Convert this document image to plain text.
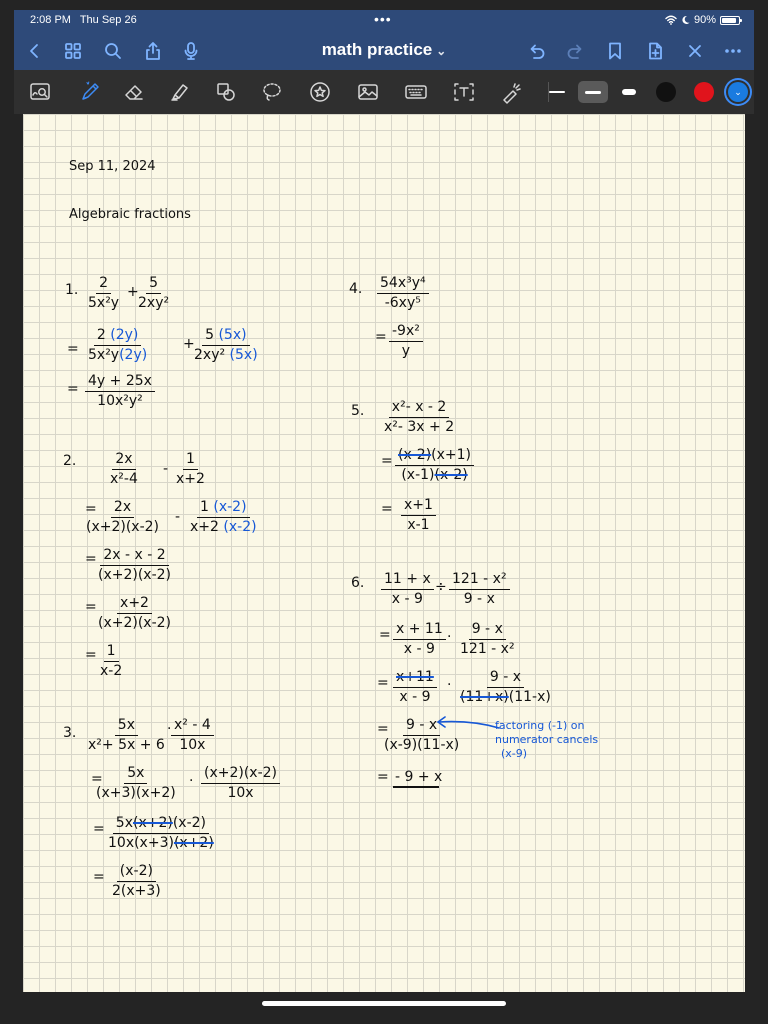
2:08 PM Thu Sep 26	•••	90%
math practice ⌄
⌄
Sep 11, 2024
Algebraic fractions
1. $\frac{2}{\text{5x²y}}$ +
$\frac{5}{\text{2xy²}}$
= $\frac{2 (2y)}{\text{5x²y(2y)}}$ +
$\frac{5 (5x)}{\text{2xy² (5x)}}$
= $\frac{4y + 25x}{\text{10x²y²}}$
2. $\frac{2x}{\text{x²-4}} - \frac{1}{x+2}$
=
$\frac{2x}{(x+2)(x-2)} - \frac{1 (x-2)}{x+2 (x-2)}$
=
$\frac{2x - x - 2}{(x+2)(x-2)}$
=
$\frac{x+2}{(x+2)(x-2)}$
= $\frac{1}{x-2}$
3. $\frac{5x}{\text{x²+ 5x + 6}} \cdot \frac{\text{x² - 4}}{10x}$
=
$\frac{5x}{(x+3)(x+2)} \cdot \frac{(x+2)(x-2)}{10x}$
= $\frac{5x(x+2)(x-2)}{10x(x+3)(x+2)}$
= $\frac{(x-2)}{2(x+3)}$
4. $\frac{\text{54x³y⁴}}{\text{-6xy⁵}}$
= $\frac{\text{-9x²}}{y}$
5. $\frac{\text{x²- x - 2}}{\text{x²- 3x + 2}}$
= $\frac{(x-2)(x+1)}{(x-1)(x-2)}$
= $\frac{x+1}{x-1}$
6. $\frac{11 + x}{x - 9} \div \frac{\text{121 - x²}}{9 - x}$
= $\frac{x + 11}{x - 9} \cdot \frac{9 - x}{\text{121 - x²}}$
= $\frac{x+11}{x - 9} \cdot \frac{9 - x}{(11+x)(11-x)}$
=
$\frac{9 - x}{(x-9)(11-x)}$
= - 9 + x
factoring (-1) on
numerator cancels
(x-9)
